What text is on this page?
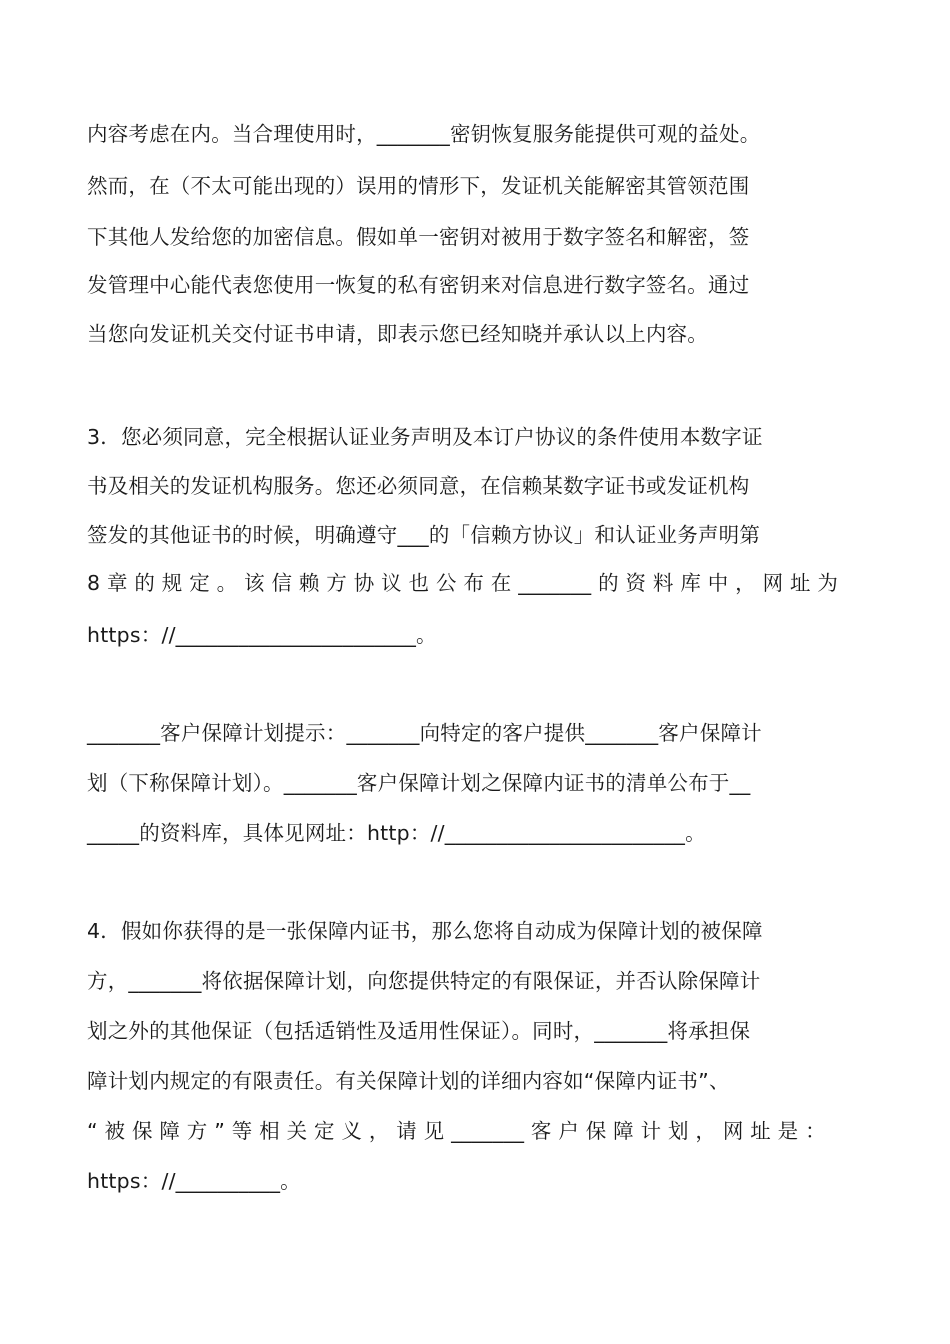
内容考虑在内。当合理使用时，_______密钥恢复服务能提供可观的益处。
然而，在（不太可能出现的）误用的情形下，发证机关能解密其管领范围
下其他人发给您的加密信息。假如单一密钥对被用于数字签名和解密，签
发管理中心能代表您使用一恢复的私有密钥来对信息进行数字签名。通过
当您向发证机关交付证书申请，即表示您已经知晓并承认以上内容。
3．您必须同意，完全根据认证业务声明及本订户协议的条件使用本数字证
书及相关的发证机构服务。您还必须同意，在信赖某数字证书或发证机构
签发的其他证书的时候，明确遵守___的「信赖方协议」和认证业务声明第
8 章 的 规 定 。 该 信 赖 方 协 议 也 公 布 在 _______ 的 资 料 库 中 ， 网 址 为
https：//_______________________。
_______客户保障计划提示：_______向特定的客户提供_______客户保障计
划（下称保障计划）。_______客户保障计划之保障内证书的清单公布于__
_____的资料库，具体见网址：http：//_______________________。
4．假如你获得的是一张保障内证书，那么您将自动成为保障计划的被保障
方，_______将依据保障计划，向您提供特定的有限保证，并否认除保障计
划之外的其他保证（包括适销性及适用性保证）。同时，_______将承担保
障计划内规定的有限责任。有关保障计划的详细内容如“保障内证书”、
“ 被 保 障 方 ” 等 相 关 定 义 ， 请 见 _______ 客 户 保 障 计 划 ， 网 址 是 ：
https：//__________。
